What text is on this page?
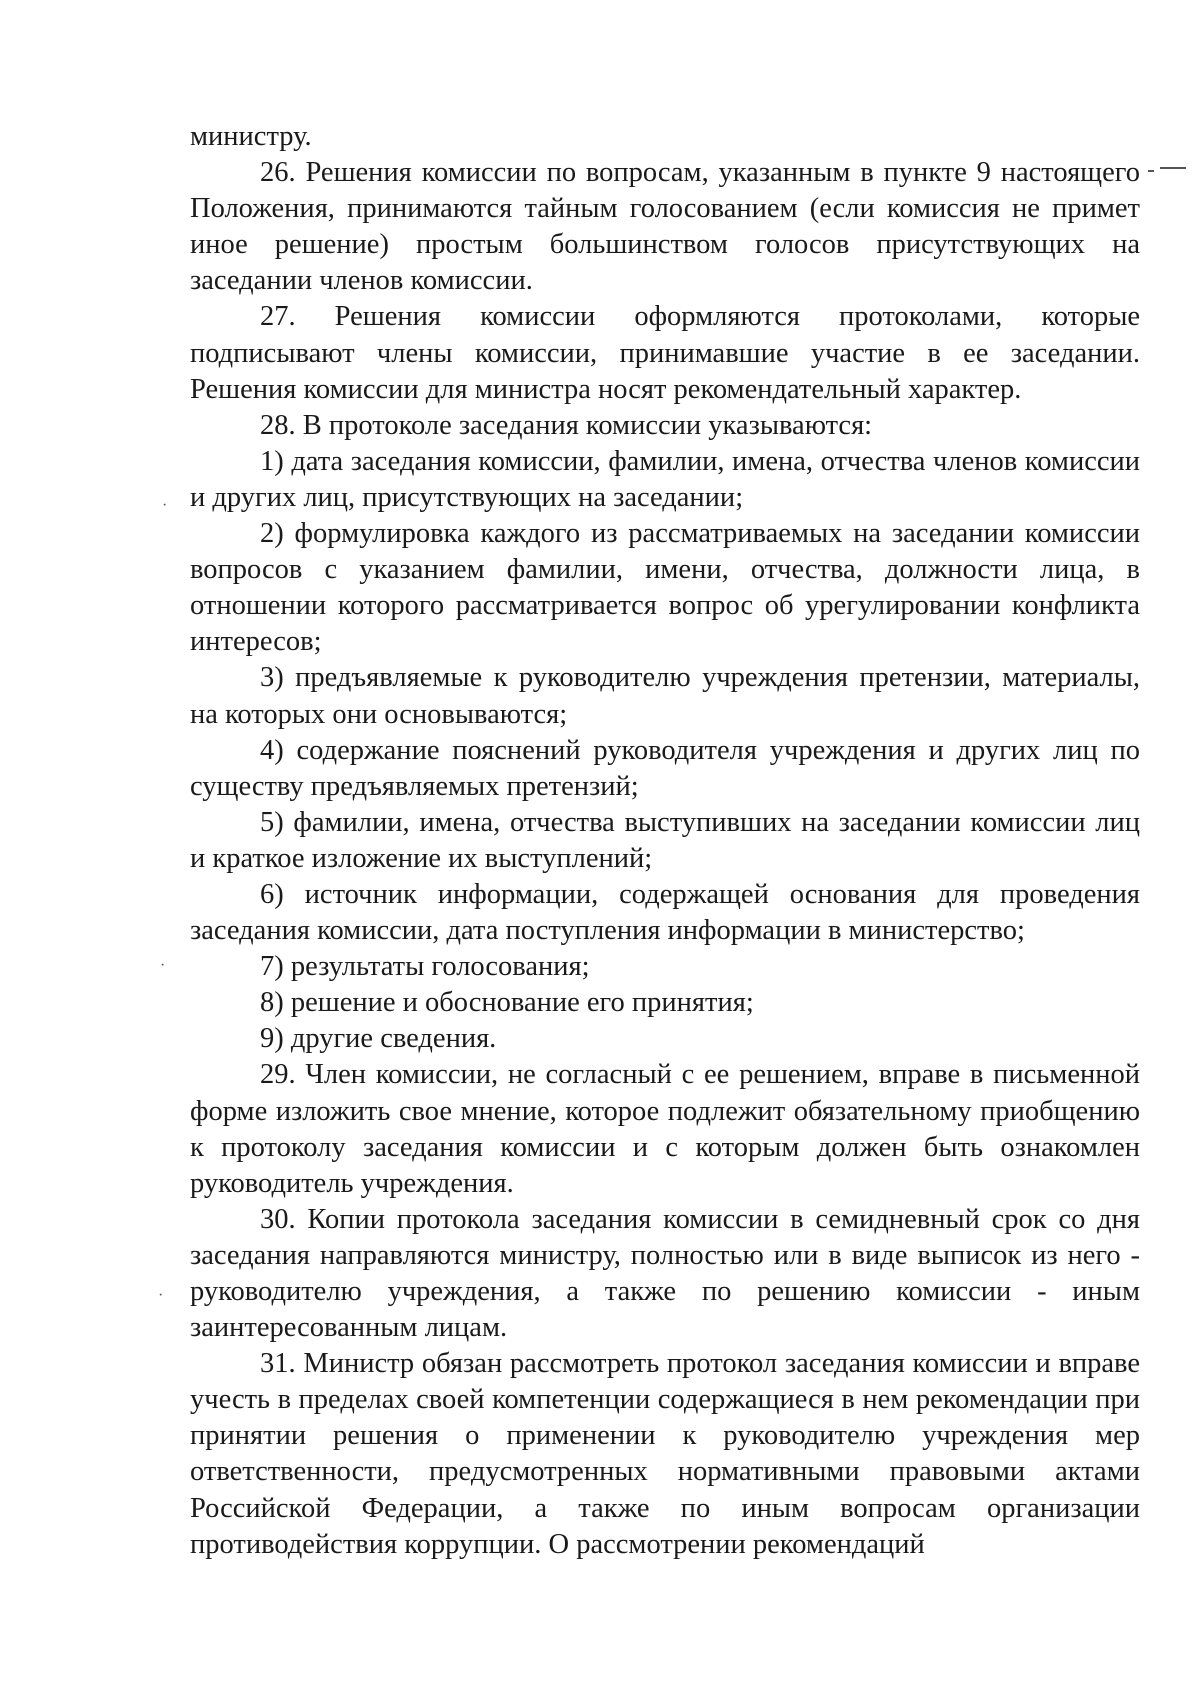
·
·
·

министру.

26. Решения комиссии по вопросам, указанным в пункте 9 настоящего Положения, принимаются тайным голосованием (если комиссия не примет иное решение) простым большинством голосов присутствующих на заседании членов комиссии.

27. Решения комиссии оформляются протоколами, которые подписывают члены комиссии, принимавшие участие в ее заседании. Решения комиссии для министра носят рекомендательный характер.

28. В протоколе заседания комиссии указываются:

1) дата заседания комиссии, фамилии, имена, отчества членов комиссии и других лиц, присутствующих на заседании;

2) формулировка каждого из рассматриваемых на заседании комиссии вопросов с указанием фамилии, имени, отчества, должности лица, в отношении которого рассматривается вопрос об урегулировании конфликта интересов;

3) предъявляемые к руководителю учреждения претензии, материалы, на которых они основываются;

4) содержание пояснений руководителя учреждения и других лиц по существу предъявляемых претензий;

5) фамилии, имена, отчества выступивших на заседании комиссии лиц и краткое изложение их выступлений;

6) источник информации, содержащей основания для проведения заседания комиссии, дата поступления информации в министерство;

7) результаты голосования;

8) решение и обоснование его принятия;

9) другие сведения.

29. Член комиссии, не согласный с ее решением, вправе в письменной форме изложить свое мнение, которое подлежит обязательному приобщению к протоколу заседания комиссии и с которым должен быть ознакомлен руководитель учреждения.

30. Копии протокола заседания комиссии в семидневный срок со дня заседания направляются министру, полностью или в виде выписок из него - руководителю учреждения, а также по решению комиссии - иным заинтересованным лицам.

31. Министр обязан рассмотреть протокол заседания комиссии и вправе учесть в пределах своей компетенции содержащиеся в нем рекомендации при принятии решения о применении к руководителю учреждения мер ответственности, предусмотренных нормативными правовыми актами Российской Федерации, а также по иным вопросам организации противодействия коррупции. О рассмотрении рекомендаций
